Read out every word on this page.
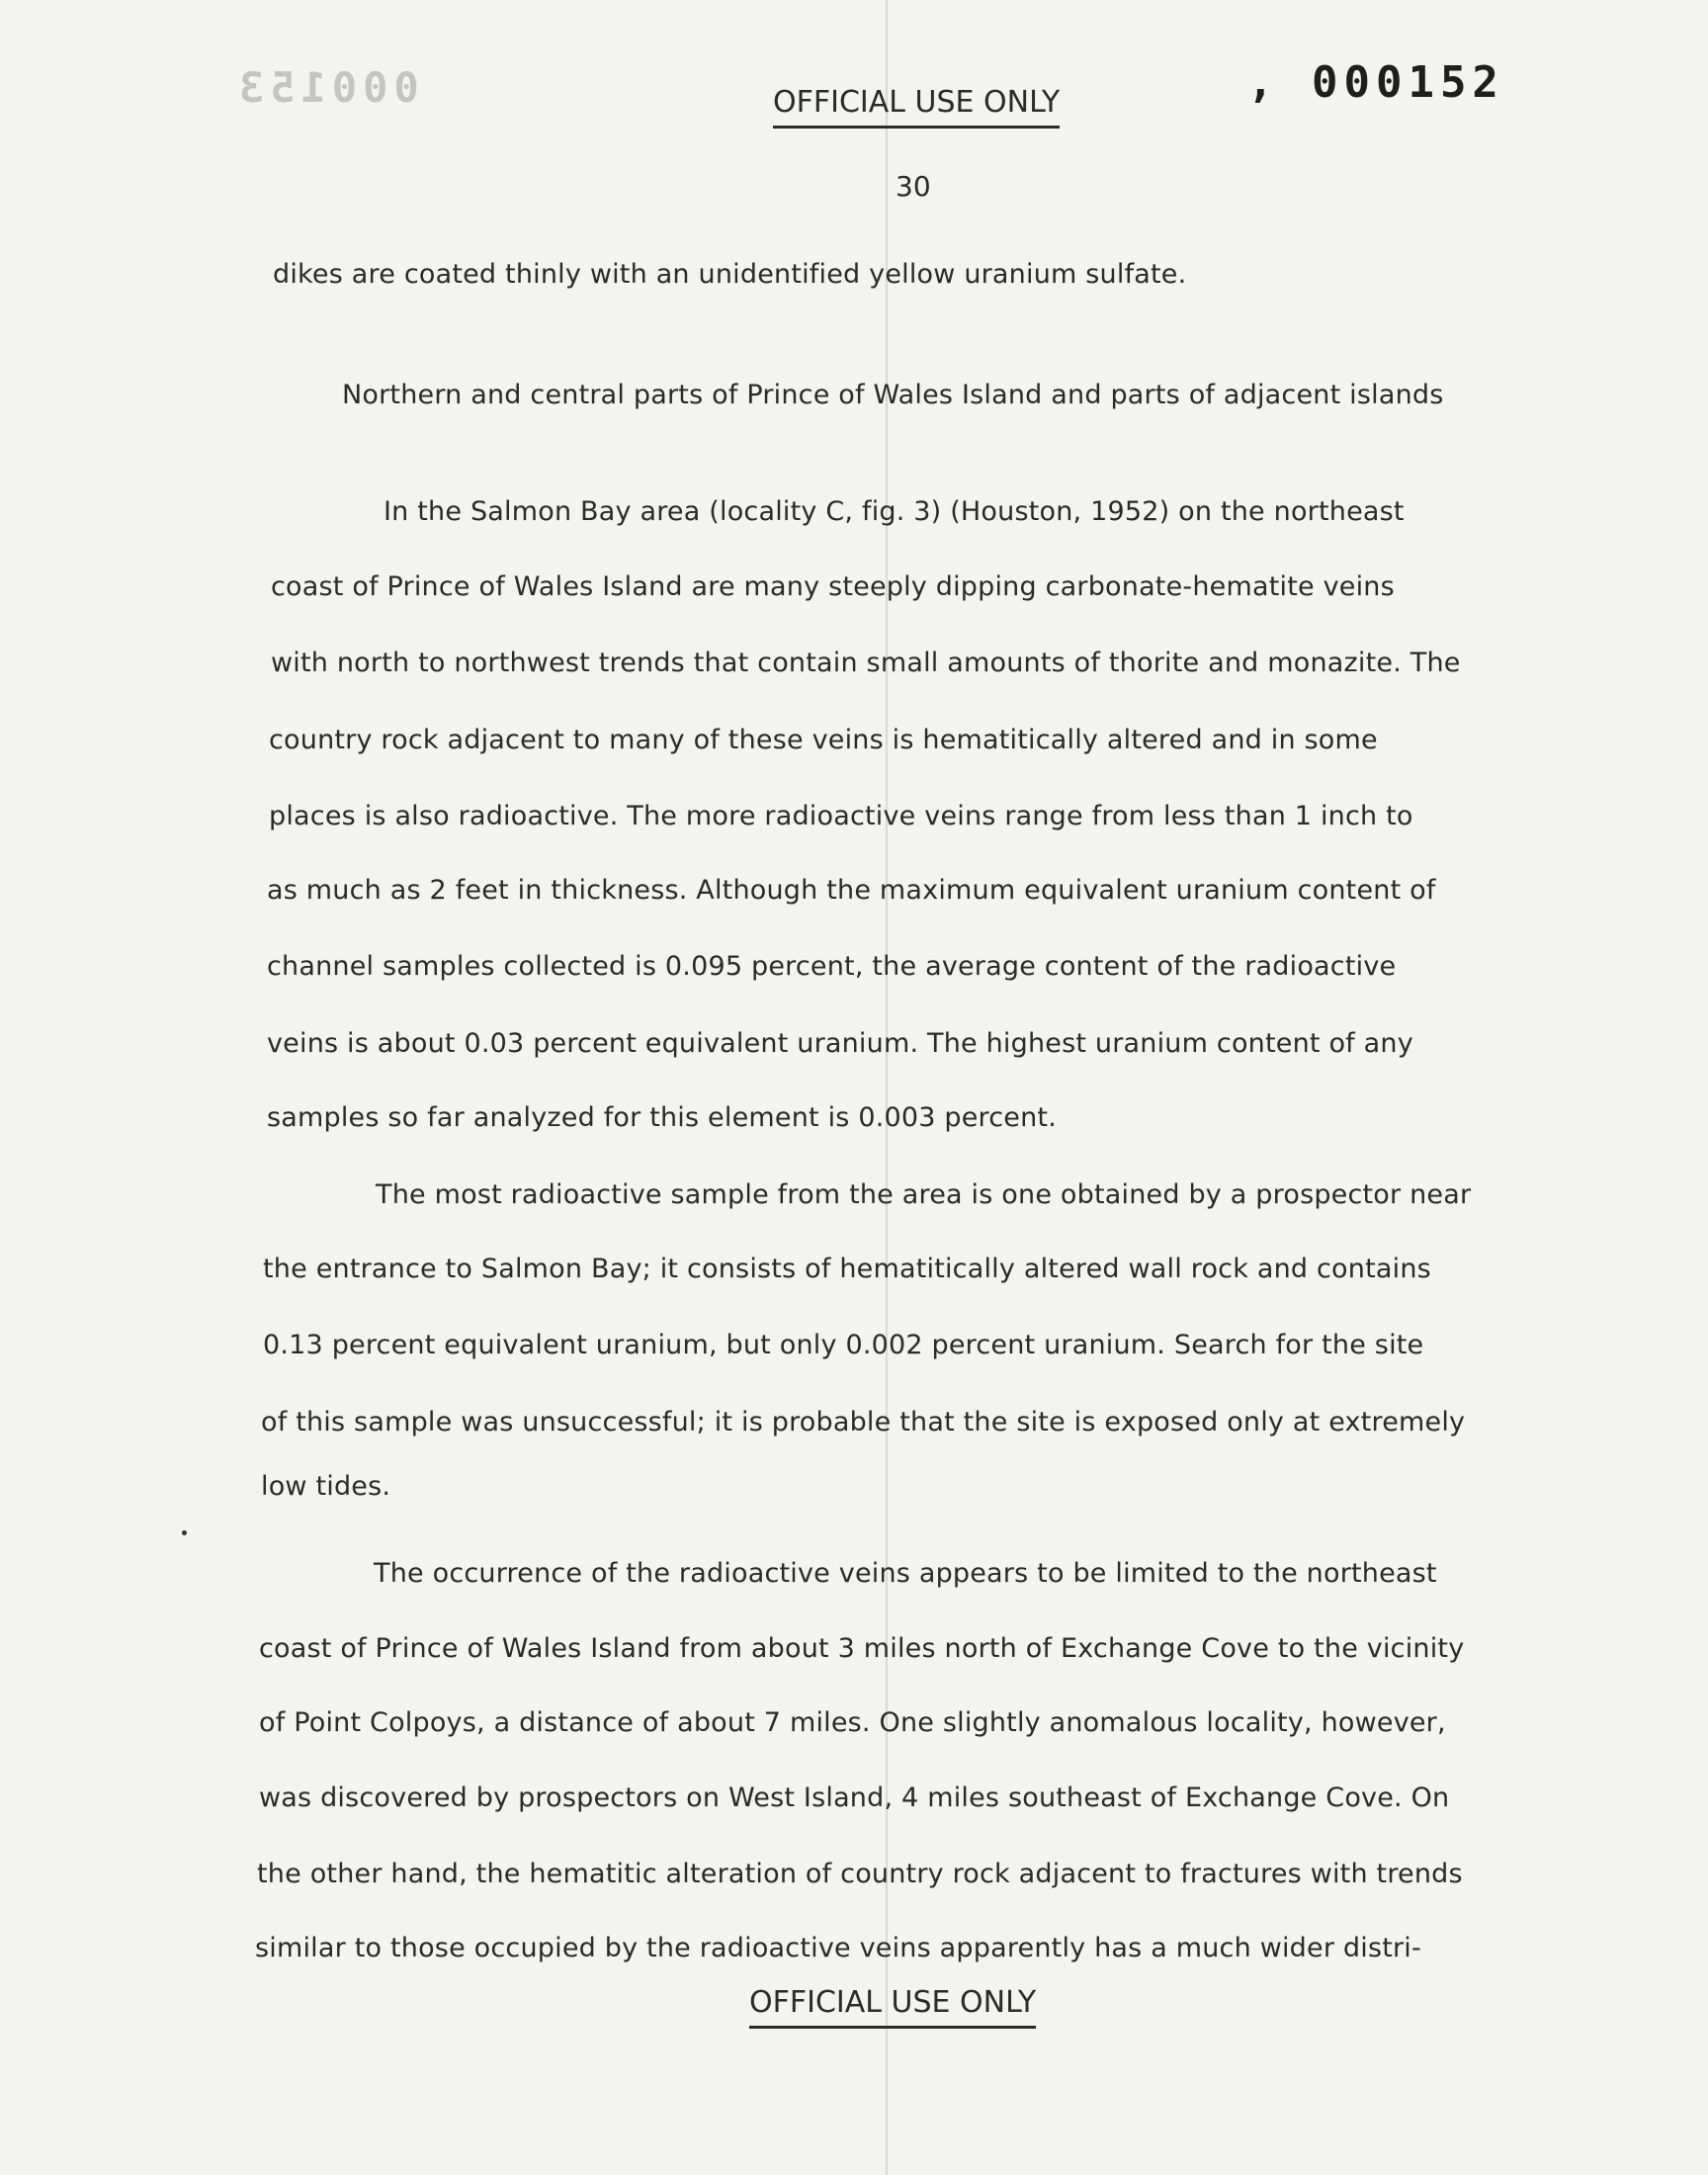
000153	OFFICIAL USE ONLY	, 000152
30
dikes are coated thinly with an unidentified yellow uranium sulfate.
Northern and central parts of Prince of Wales Island and parts of adjacent islands
In the Salmon Bay area (locality C, fig. 3) (Houston, 1952) on the northeast
coast of Prince of Wales Island are many steeply dipping carbonate-hematite veins
with north to northwest trends that contain small amounts of thorite and monazite. The
country rock adjacent to many of these veins is hematitically altered and in some
places is also radioactive. The more radioactive veins range from less than 1 inch to
as much as 2 feet in thickness. Although the maximum equivalent uranium content of
channel samples collected is 0.095 percent, the average content of the radioactive
veins is about 0.03 percent equivalent uranium. The highest uranium content of any
samples so far analyzed for this element is 0.003 percent.
The most radioactive sample from the area is one obtained by a prospector near
the entrance to Salmon Bay; it consists of hematitically altered wall rock and contains
0.13 percent equivalent uranium, but only 0.002 percent uranium. Search for the site
of this sample was unsuccessful; it is probable that the site is exposed only at extremely
low tides.
The occurrence of the radioactive veins appears to be limited to the northeast
coast of Prince of Wales Island from about 3 miles north of Exchange Cove to the vicinity
of Point Colpoys, a distance of about 7 miles. One slightly anomalous locality, however,
was discovered by prospectors on West Island, 4 miles southeast of Exchange Cove. On
the other hand, the hematitic alteration of country rock adjacent to fractures with trends
similar to those occupied by the radioactive veins apparently has a much wider distri-
OFFICIAL USE ONLY
